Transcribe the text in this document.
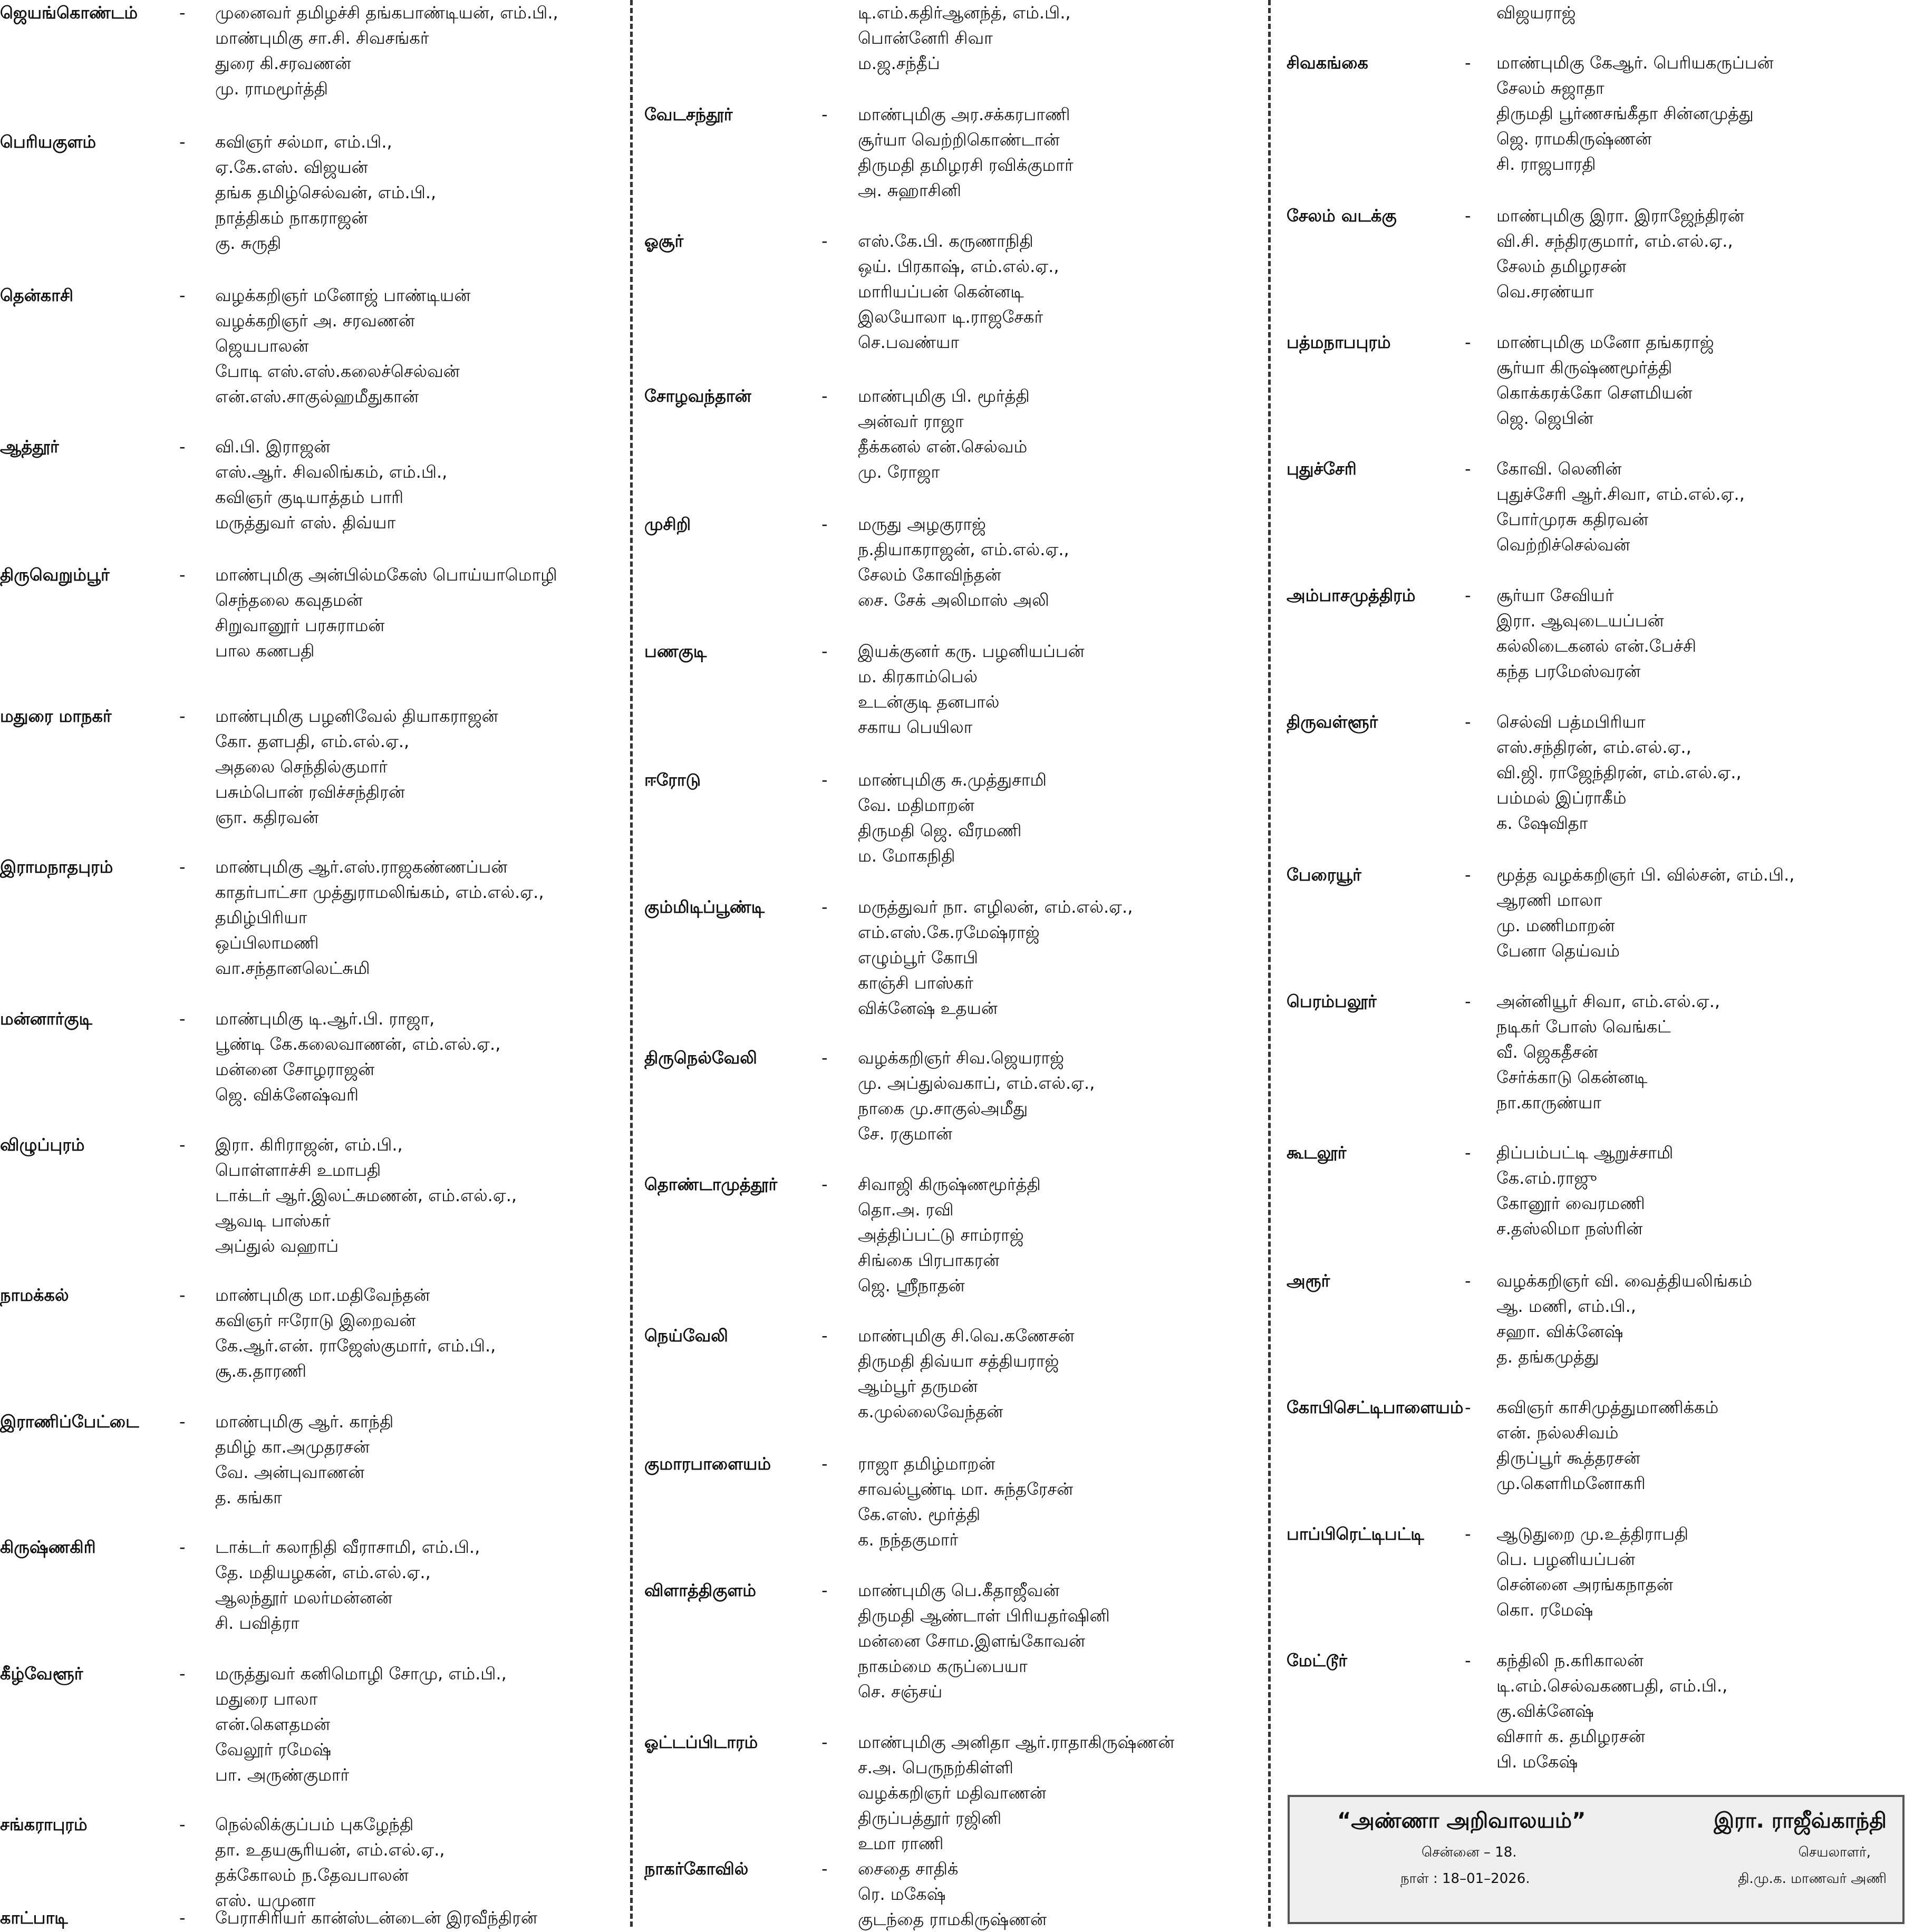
ஜெயங்கொண்டம் - முனைவர் தமிழச்சி தங்கபாண்டியன், எம்.பி.,
மாண்புமிகு சா.சி. சிவசங்கர்
துரை கி.சரவணன்
மு. ராமமூர்த்தி
பெரியகுளம்	- கவிஞர் சல்மா, எம்.பி.,
ஏ.கே.எஸ். விஜயன்
தங்க தமிழ்செல்வன், எம்.பி.,
நாத்திகம் நாகராஜன்
கு. சுருதி
தென்காசி	- வழக்கறிஞர் மனோஜ் பாண்டியன்
வழக்கறிஞர் அ. சரவணன்
ஜெயபாலன்
போடி எஸ்.எஸ்.கலைச்செல்வன்
என்.எஸ்.சாகுல்ஹமீதுகான்
ஆத்தூர்	- வி.பி. இராஜன்
எஸ்.ஆர். சிவலிங்கம், எம்.பி.,
கவிஞர் குடியாத்தம் பாரி
மருத்துவர் எஸ். திவ்யா
திருவெறும்பூர்	- மாண்புமிகு அன்பில்மகேஸ் பொய்யாமொழி
செந்தலை கவுதமன்
சிறுவானூர் பரசுராமன்
பால கணபதி
மதுரை மாநகர்	- மாண்புமிகு பழனிவேல் தியாகராஜன்
கோ. தளபதி, எம்.எல்.ஏ.,
அதலை செந்தில்குமார்
பசும்பொன் ரவிச்சந்திரன்
ஞா. கதிரவன்
இராமநாதபுரம்	- மாண்புமிகு ஆர்.எஸ்.ராஜகண்ணப்பன்
காதர்பாட்சா முத்துராமலிங்கம், எம்.எல்.ஏ.,
தமிழ்பிரியா
ஒப்பிலாமணி
வா.சந்தானலெட்சுமி
மன்னார்குடி	- மாண்புமிகு டி.ஆர்.பி. ராஜா,
பூண்டி கே.கலைவாணன், எம்.எல்.ஏ.,
மன்னை சோழராஜன்
ஜெ. விக்னேஷ்வரி
விழுப்புரம்	- இரா. கிரிராஜன், எம்.பி.,
பொள்ளாச்சி உமாபதி
டாக்டர் ஆர்.இலட்சுமணன், எம்.எல்.ஏ.,
ஆவடி பாஸ்கர்
அப்துல் வஹாப்
நாமக்கல்	- மாண்புமிகு மா.மதிவேந்தன்
கவிஞர் ஈரோடு இறைவன்
கே.ஆர்.என். ராஜேஸ்குமார், எம்.பி.,
சூ.க.தாரணி
இராணிப்பேட்டை - மாண்புமிகு ஆர். காந்தி
தமிழ் கா.அமுதரசன்
வே. அன்புவாணன்
த. கங்கா
கிருஷ்ணகிரி	- டாக்டர் கலாநிதி வீராசாமி, எம்.பி.,
தே. மதியழகன், எம்.எல்.ஏ.,
ஆலந்தூர் மலர்மன்னன்
சி. பவித்ரா
கீழ்வேளூர்	- மருத்துவர் கனிமொழி சோமு, எம்.பி.,
மதுரை பாலா
என்.கௌதமன்
வேலூர் ரமேஷ்
பா. அருண்குமார்
சங்கராபுரம்	- நெல்லிக்குப்பம் புகழேந்தி
தா. உதயசூரியன், எம்.எல்.ஏ.,
தக்கோலம் ந.தேவபாலன்
எஸ். யமுனா
காட்பாடி	- பேராசிரியர் கான்ஸ்டன்டைன் இரவீந்திரன்
டி.எம்.கதிர்ஆனந்த், எம்.பி.,
பொன்னேரி சிவா
ம.ஜ.சந்தீப்
வேடசந்தூர்	- மாண்புமிகு அர.சக்கரபாணி
சூர்யா வெற்றிகொண்டான்
திருமதி தமிழரசி ரவிக்குமார்
அ. சுஹாசினி
ஓசூர்	- எஸ்.கே.பி. கருணாநிதி
ஒய். பிரகாஷ், எம்.எல்.ஏ.,
மாரியப்பன் கென்னடி
இலயோலா டி.ராஜசேகர்
செ.பவண்யா
சோழவந்தான்	- மாண்புமிகு பி. மூர்த்தி
அன்வர் ராஜா
தீக்கனல் என்.செல்வம்
மு. ரோஜா
முசிறி	- மருது அழகுராஜ்
ந.தியாகராஜன், எம்.எல்.ஏ.,
சேலம் கோவிந்தன்
சை. சேக் அலிமாஸ் அலி
பணகுடி	- இயக்குனர் கரு. பழனியப்பன்
ம. கிரகாம்பெல்
உடன்குடி தனபால்
சகாய பெயிலா
ஈரோடு	- மாண்புமிகு சு.முத்துசாமி
வே. மதிமாறன்
திருமதி ஜெ. வீரமணி
ம. மோகநிதி
கும்மிடிப்பூண்டி	- மருத்துவர் நா. எழிலன், எம்.எல்.ஏ.,
எம்.எஸ்.கே.ரமேஷ்ராஜ்
எழும்பூர் கோபி
காஞ்சி பாஸ்கர்
விக்னேஷ் உதயன்
திருநெல்வேலி	- வழக்கறிஞர் சிவ.ஜெயராஜ்
மு. அப்துல்வகாப், எம்.எல்.ஏ.,
நாகை மு.சாகுல்அமீது
சே. ரகுமான்
தொண்டாமுத்தூர்	- சிவாஜி கிருஷ்ணமூர்த்தி
தொ.அ. ரவி
அத்திப்பட்டு சாம்ராஜ்
சிங்கை பிரபாகரன்
ஜெ. ஸ்ரீநாதன்
நெய்வேலி	- மாண்புமிகு சி.வெ.கணேசன்
திருமதி திவ்யா சத்தியராஜ்
ஆம்பூர் தருமன்
க.முல்லைவேந்தன்
குமாரபாளையம்	- ராஜா தமிழ்மாறன்
சாவல்பூண்டி மா. சுந்தரேசன்
கே.எஸ். மூர்த்தி
க. நந்தகுமார்
விளாத்திகுளம்	- மாண்புமிகு பெ.கீதாஜீவன்
திருமதி ஆண்டாள் பிரியதர்ஷினி
மன்னை சோம.இளங்கோவன்
நாகம்மை கருப்பையா
செ. சஞ்சய்
ஓட்டப்பிடாரம்	- மாண்புமிகு அனிதா ஆர்.ராதாகிருஷ்ணன்
ச.அ. பெருநற்கிள்ளி
வழக்கறிஞர் மதிவாணன்
திருப்பத்தூர் ரஜினி
உமா ராணி
நாகர்கோவில்	- சைதை சாதிக்
ரெ. மகேஷ்
குடந்தை ராமகிருஷ்ணன்
விஜயராஜ்
சிவகங்கை	- மாண்புமிகு கேஆர். பெரியகருப்பன்
சேலம் சுஜாதா
திருமதி பூர்ணசங்கீதா சின்னமுத்து
ஜெ. ராமகிருஷ்ணன்
சி. ராஜபாரதி
சேலம் வடக்கு	- மாண்புமிகு இரா. இராஜேந்திரன்
வி.சி. சந்திரகுமார், எம்.எல்.ஏ.,
சேலம் தமிழரசன்
வெ.சரண்யா
பத்மநாபபுரம்	- மாண்புமிகு மனோ தங்கராஜ்
சூர்யா கிருஷ்ணமூர்த்தி
கொக்கரக்கோ சௌமியன்
ஜெ. ஜெபின்
புதுச்சேரி	- கோவி. லெனின்
புதுச்சேரி ஆர்.சிவா, எம்.எல்.ஏ.,
போர்முரசு கதிரவன்
வெற்றிச்செல்வன்
அம்பாசமுத்திரம்	- சூர்யா சேவியர்
இரா. ஆவுடையப்பன்
கல்லிடைகனல் என்.பேச்சி
கந்த பரமேஸ்வரன்
திருவள்ளூர்	- செல்வி பத்மபிரியா
எஸ்.சந்திரன், எம்.எல்.ஏ.,
வி.ஜி. ராஜேந்திரன், எம்.எல்.ஏ.,
பம்மல் இப்ராகீம்
க. ஷேவிதா
பேரையூர்	- மூத்த வழக்கறிஞர் பி. வில்சன், எம்.பி.,
ஆரணி மாலா
மு. மணிமாறன்
பேனா தெய்வம்
பெரம்பலூர்	- அன்னியூர் சிவா, எம்.எல்.ஏ.,
நடிகர் போஸ் வெங்கட்
வீ. ஜெகதீசன்
சேர்க்காடு கென்னடி
நா.காருண்யா
கூடலூர்	- திப்பம்பட்டி ஆறுச்சாமி
கே.எம்.ராஜு
கோனூர் வைரமணி
ச.தஸ்லிமா நஸ்ரின்
அரூர்	- வழக்கறிஞர் வி. வைத்தியலிங்கம்
ஆ. மணி, எம்.பி.,
சஹா. விக்னேஷ்
த. தங்கமுத்து
கோபிசெட்டிபாளையம் - கவிஞர் காசிமுத்துமாணிக்கம்
என். நல்லசிவம்
திருப்பூர் கூத்தரசன்
மு.கௌரிமனோகரி
பாப்பிரெட்டிபட்டி - ஆடுதுறை மு.உத்திராபதி
பெ. பழனியப்பன்
சென்னை அரங்கநாதன்
கொ. ரமேஷ்
மேட்டூர்	- கந்திலி ந.கரிகாலன்
டி.எம்.செல்வகணபதி, எம்.பி.,
கு.விக்னேஷ்
விசார் க. தமிழரசன்
பி. மகேஷ்
“அண்ணா அறிவாலயம்”	இரா. ராஜீவ்காந்தி
சென்னை – 18.
நாள் : 18–01–2026.
செயலாளர்,
தி.மு.க. மாணவர் அணி
